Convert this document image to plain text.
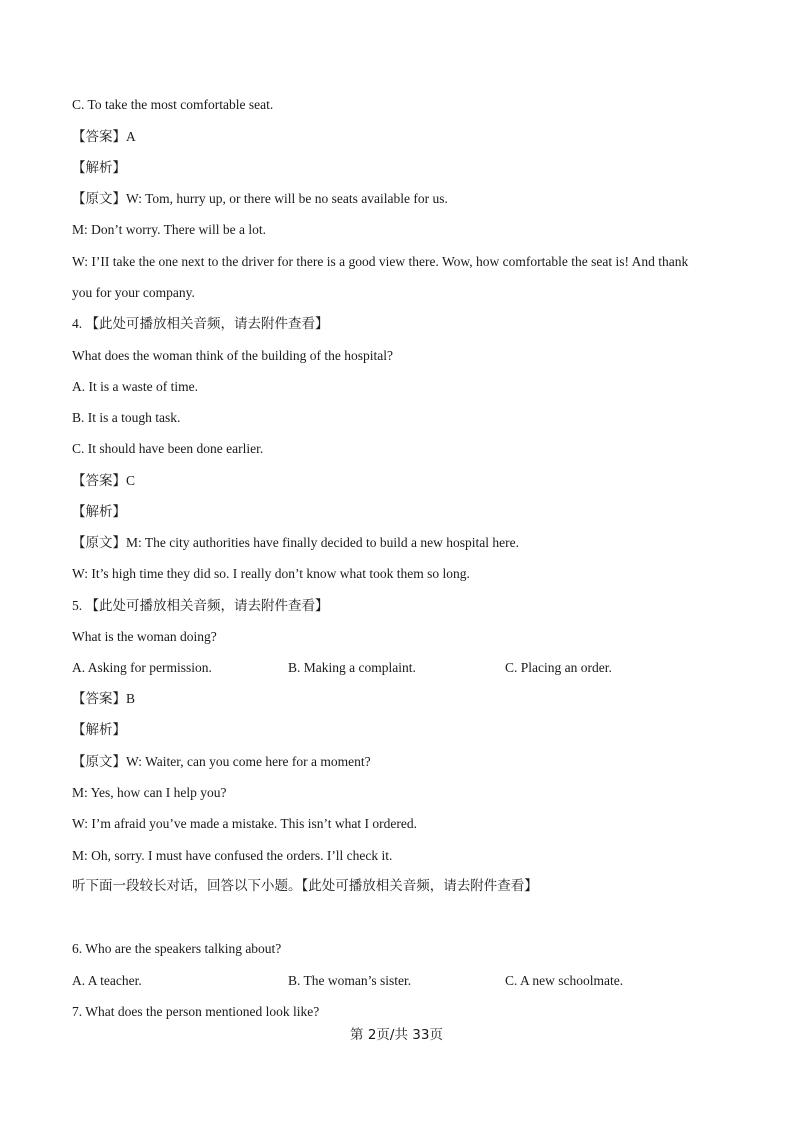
C. To take the most comfortable seat.
【答案】A
【解析】
【原文】W: Tom, hurry up, or there will be no seats available for us.
M: Don’t worry. There will be a lot.
W: I’II take the one next to the driver for there is a good view there. Wow, how comfortable the seat is! And thank
you for your company.
4. 【此处可播放相关音频，请去附件查看】
What does the woman think of the building of the hospital?
A. It is a waste of time.
B. It is a tough task.
C. It should have been done earlier.
【答案】C
【解析】
【原文】M: The city authorities have finally decided to build a new hospital here.
W: It’s high time they did so. I really don’t know what took them so long.
5. 【此处可播放相关音频，请去附件查看】
What is the woman doing?
A. Asking for permission.	B. Making a complaint.	C. Placing an order.
【答案】B
【解析】
【原文】W: Waiter, can you come here for a moment?
M: Yes, how can I help you?
W: I’m afraid you’ve made a mistake. This isn’t what I ordered.
M: Oh, sorry. I must have confused the orders. I’ll check it.
听下面一段较长对话，回答以下小题。【此处可播放相关音频，请去附件查看】
6. Who are the speakers talking about?
A. A teacher.	B. The woman’s sister.	C. A new schoolmate.
7. What does the person mentioned look like?
第 2页/共 33页
